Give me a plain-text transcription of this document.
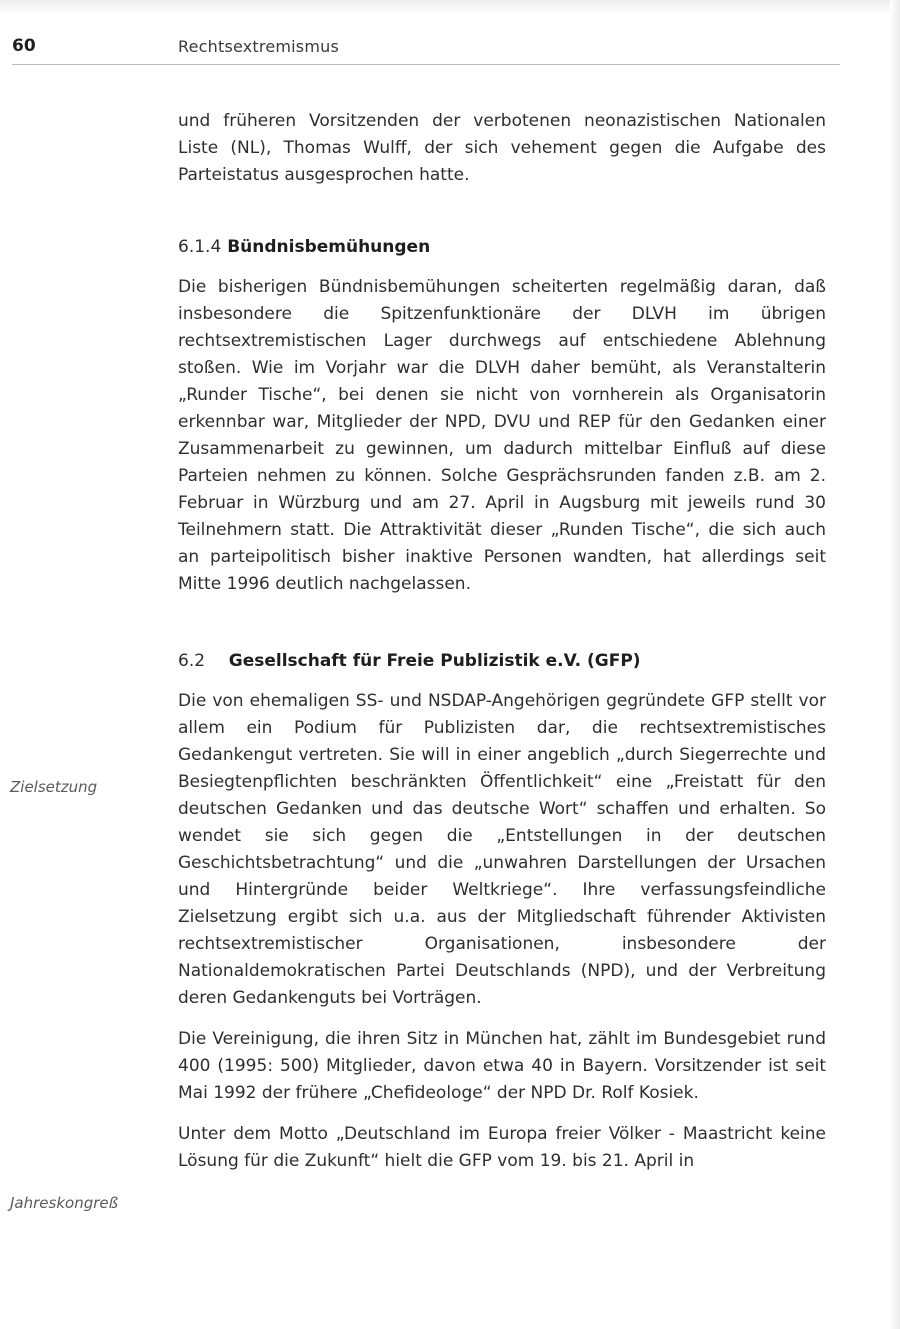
60	Rechtsextremismus
Zielsetzung
Jahreskongreß

und früheren Vorsitzenden der verbotenen neonazistischen Nationalen Liste (NL), Thomas Wulff, der sich vehement gegen die Aufgabe des Parteistatus ausgesprochen hatte.

6.1.4 Bündnisbemühungen

Die bisherigen Bündnisbemühungen scheiterten regelmäßig daran, daß insbesondere die Spitzenfunktionäre der DLVH im übrigen rechtsextremistischen Lager durchwegs auf entschiedene Ablehnung stoßen. Wie im Vorjahr war die DLVH daher bemüht, als Veranstalterin „Runder Tische“, bei denen sie nicht von vornherein als Organisatorin erkennbar war, Mitglieder der NPD, DVU und REP für den Gedanken einer Zusammenarbeit zu gewinnen, um dadurch mittelbar Einfluß auf diese Parteien nehmen zu können. Solche Gesprächsrunden fanden z.B. am 2. Februar in Würzburg und am 27. April in Augsburg mit jeweils rund 30 Teilnehmern statt. Die Attraktivität dieser „Runden Tische“, die sich auch an parteipolitisch bisher inaktive Personen wandten, hat allerdings seit Mitte 1996 deutlich nachgelassen.

6.2 Gesellschaft für Freie Publizistik e.V. (GFP)

Die von ehemaligen SS- und NSDAP-Angehörigen gegründete GFP stellt vor allem ein Podium für Publizisten dar, die rechtsextremistisches Gedankengut vertreten. Sie will in einer angeblich „durch Siegerrechte und Besiegtenpflichten beschränkten Öffentlichkeit“ eine „Freistatt für den deutschen Gedanken und das deutsche Wort“ schaffen und erhalten. So wendet sie sich gegen die „Entstellungen in der deutschen Geschichtsbetrachtung“ und die „unwahren Darstellungen der Ursachen und Hintergründe beider Weltkriege“. Ihre verfassungsfeindliche Zielsetzung ergibt sich u.a. aus der Mitgliedschaft führender Aktivisten rechtsextremistischer Organisationen, insbesondere der Nationaldemokratischen Partei Deutschlands (NPD), und der Verbreitung deren Gedankenguts bei Vorträgen.

Die Vereinigung, die ihren Sitz in München hat, zählt im Bundesgebiet rund 400 (1995: 500) Mitglieder, davon etwa 40 in Bayern. Vorsitzender ist seit Mai 1992 der frühere „Chefideologe“ der NPD Dr. Rolf Kosiek.

Unter dem Motto „Deutschland im Europa freier Völker - Maastricht keine Lösung für die Zukunft“ hielt die GFP vom 19. bis 21. April in
